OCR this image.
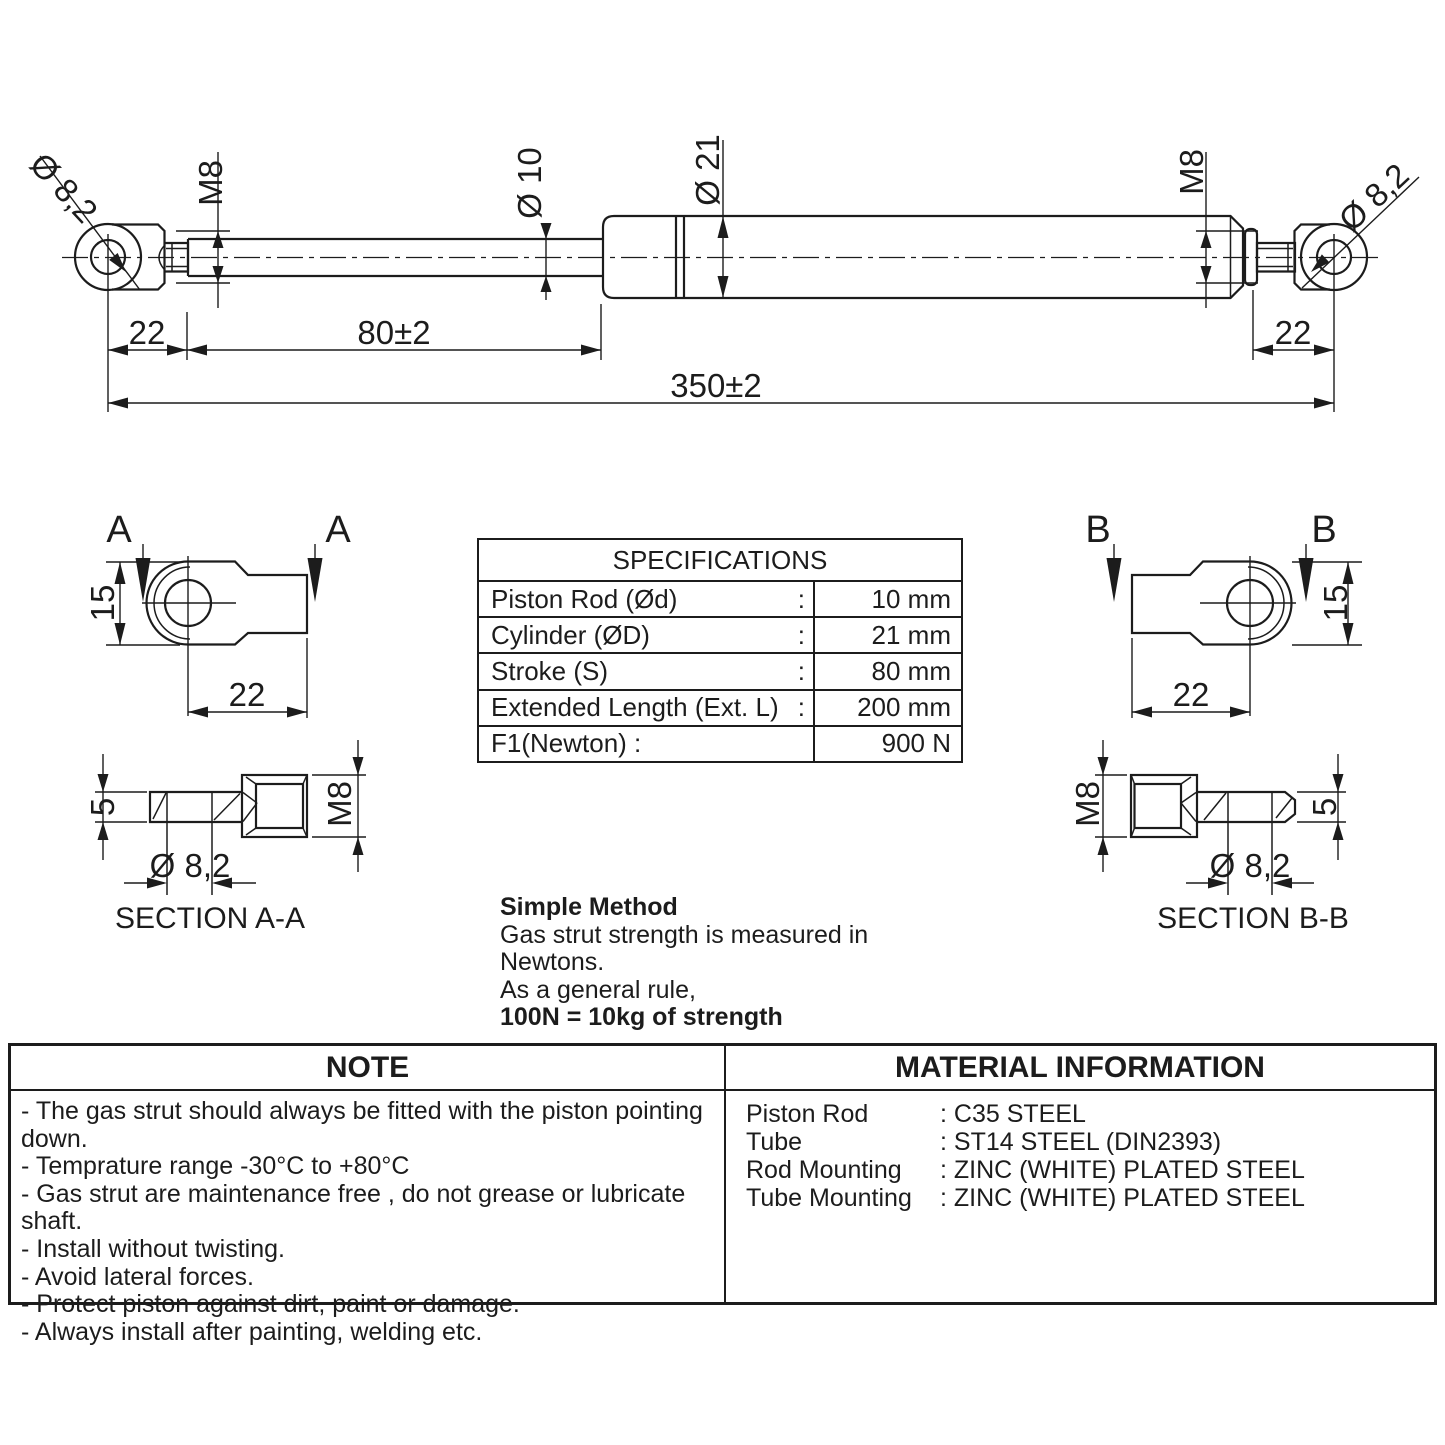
Ø 8,2	M8	Ø 10	Ø 21	M8	Ø 8,2
22	80±2
350±2
22
A	A
15
22
5	M8
Ø 8,2
SECTION A-A
B	B
15
22
M8	5
Ø 8,2
SECTION B-B
SPECIFICATIONS
Piston Rod (Ød)	:	10 mm
Cylinder (ØD)	:	21 mm
Stroke (S)	:	80 mm
Extended Length (Ext. L) :	200 mm
F1(Newton) :	900 N
Simple Method
Gas strut strength is measured in Newtons.
As a general rule,
100N = 10kg of strength
NOTE
- The gas strut should always be fitted with the piston pointing down.
- Temprature range -30°C to +80°C
- Gas strut are maintenance free , do not grease or lubricate shaft.
- Install without twisting.
- Avoid lateral forces.
- Protect piston against dirt, paint or damage.
- Always install after painting, welding etc.
MATERIAL INFORMATION
Piston Rod	: C35 STEEL
Tube	: ST14 STEEL (DIN2393)
Rod Mounting	: ZINC (WHITE) PLATED STEEL
Tube Mounting	: ZINC (WHITE) PLATED STEEL
